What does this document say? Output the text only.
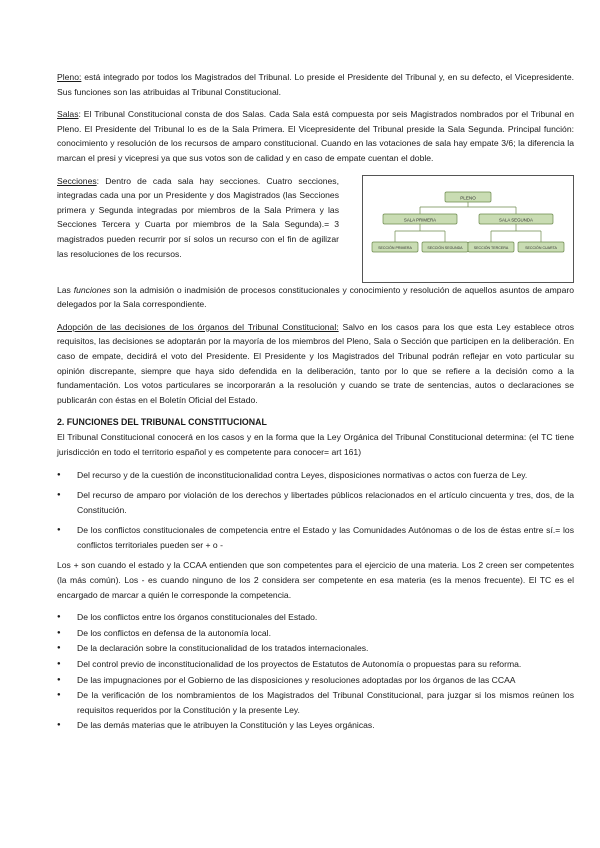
Pleno: está integrado por todos los Magistrados del Tribunal. Lo preside el Presidente del Tribunal y, en su defecto, el Vicepresidente. Sus funciones son las atribuidas al Tribunal Constitucional.

Salas: El Tribunal Constitucional consta de dos Salas. Cada Sala está compuesta por seis Magistrados nombrados por el Tribunal en Pleno. El Presidente del Tribunal lo es de la Sala Primera. El Vicepresidente del Tribunal preside la Sala Segunda. Principal función: conocimiento y resolución de los recursos de amparo constitucional. Cuando en las votaciones de sala hay empate 3/6; la diferencia la marcan el presi y vicepresi ya que sus votos son de calidad y en caso de empate cuentan el doble.

PLENO
SALA PRIMERA	SALA SEGUNDA
SECCIÓN PRIMERA	SECCIÓN SEGUNDA	SECCIÓN TERCERA	SECCIÓN CUARTA

Secciones: Dentro de cada sala hay secciones. Cuatro secciones, integradas cada una por un Presidente y dos Magistrados (las Secciones primera y Segunda integradas por miembros de la Sala Primera y las Secciones Tercera y Cuarta por miembros de la Sala Segunda).= 3 magistrados pueden recurrir por sí solos un recurso con el fin de agilizar las resoluciones de los recursos.

Las funciones son la admisión o inadmisión de procesos constitucionales y conocimiento y resolución de aquellos asuntos de amparo delegados por la Sala correspondiente.

Adopción de las decisiones de los órganos del Tribunal Constitucional: Salvo en los casos para los que esta Ley establece otros requisitos, las decisiones se adoptarán por la mayoría de los miembros del Pleno, Sala o Sección que participen en la deliberación. En caso de empate, decidirá el voto del Presidente. El Presidente y los Magistrados del Tribunal podrán reflejar en voto particular su opinión discrepante, siempre que haya sido defendida en la deliberación, tanto por lo que se refiere a la decisión como a la fundamentación. Los votos particulares se incorporarán a la resolución y cuando se trate de sentencias, autos o declaraciones se publicarán con éstas en el Boletín Oficial del Estado.

2. FUNCIONES DEL TRIBUNAL CONSTITUCIONAL

El Tribunal Constitucional conocerá en los casos y en la forma que la Ley Orgánica del Tribunal Constitucional determina: (el TC tiene jurisdicción en todo el territorio español y es competente para conocer= art 161)

● Del recurso y de la cuestión de inconstitucionalidad contra Leyes, disposiciones normativas o actos con fuerza de Ley.
● Del recurso de amparo por violación de los derechos y libertades públicos relacionados en el artículo cincuenta y tres, dos, de la Constitución.
● De los conflictos constitucionales de competencia entre el Estado y las Comunidades Autónomas o de los de éstas entre sí.= los conflictos territoriales pueden ser + o -

Los + son cuando el estado y la CCAA entienden que son competentes para el ejercicio de una materia. Los 2 creen ser competentes (la más común). Los - es cuando ninguno de los 2 considera ser competente en esa materia (es la menos frecuente). El TC es el encargado de marcar a quién le corresponde la competencia.

● De los conflictos entre los órganos constitucionales del Estado.
● De los conflictos en defensa de la autonomía local.
● De la declaración sobre la constitucionalidad de los tratados internacionales.
● Del control previo de inconstitucionalidad de los proyectos de Estatutos de Autonomía o propuestas para su reforma.
● De las impugnaciones por el Gobierno de las disposiciones y resoluciones adoptadas por los órganos de las CCAA
● De la verificación de los nombramientos de los Magistrados del Tribunal Constitucional, para juzgar si los mismos reúnen los requisitos requeridos por la Constitución y la presente Ley.
● De las demás materias que le atribuyen la Constitución y las Leyes orgánicas.
